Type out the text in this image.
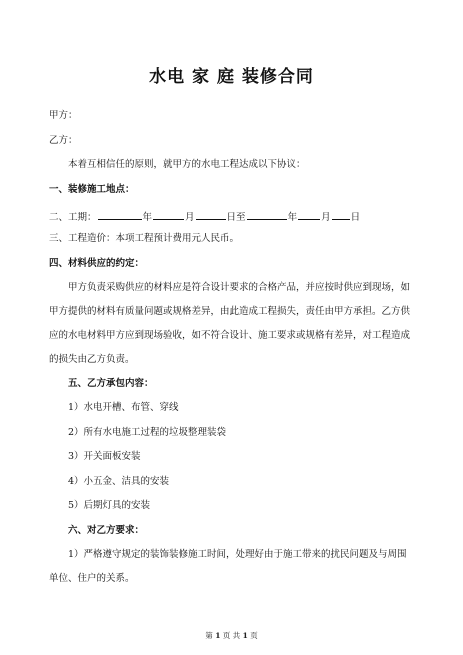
水电 家 庭 装修合同
甲方：
乙方：
本着互相信任的原则，就甲方的水电工程达成以下协议：
一、装修施工地点：
二、工期：	年	月	日至	年	月 日
三、工程造价：本项工程预计费用元人民币。
四、材料供应的约定：
甲方负责采购供应的材料应是符合设计要求的合格产品，并应按时供应到现场，如
甲方提供的材料有质量问题或规格差异，由此造成工程损失，责任由甲方承担。乙方供
应的水电材料甲方应到现场验收，如不符合设计、施工要求或规格有差异，对工程造成
的损失由乙方负责。
五、乙方承包内容：
1）水电开槽、布管、穿线
2）所有水电施工过程的垃圾整理装袋
3）开关面板安装
4）小五金、洁具的安装
5）后期灯具的安装
六、对乙方要求：
1）严格遵守规定的装饰装修施工时间，处理好由于施工带来的扰民问题及与周围
单位、住户的关系。
第 1 页 共 1 页
